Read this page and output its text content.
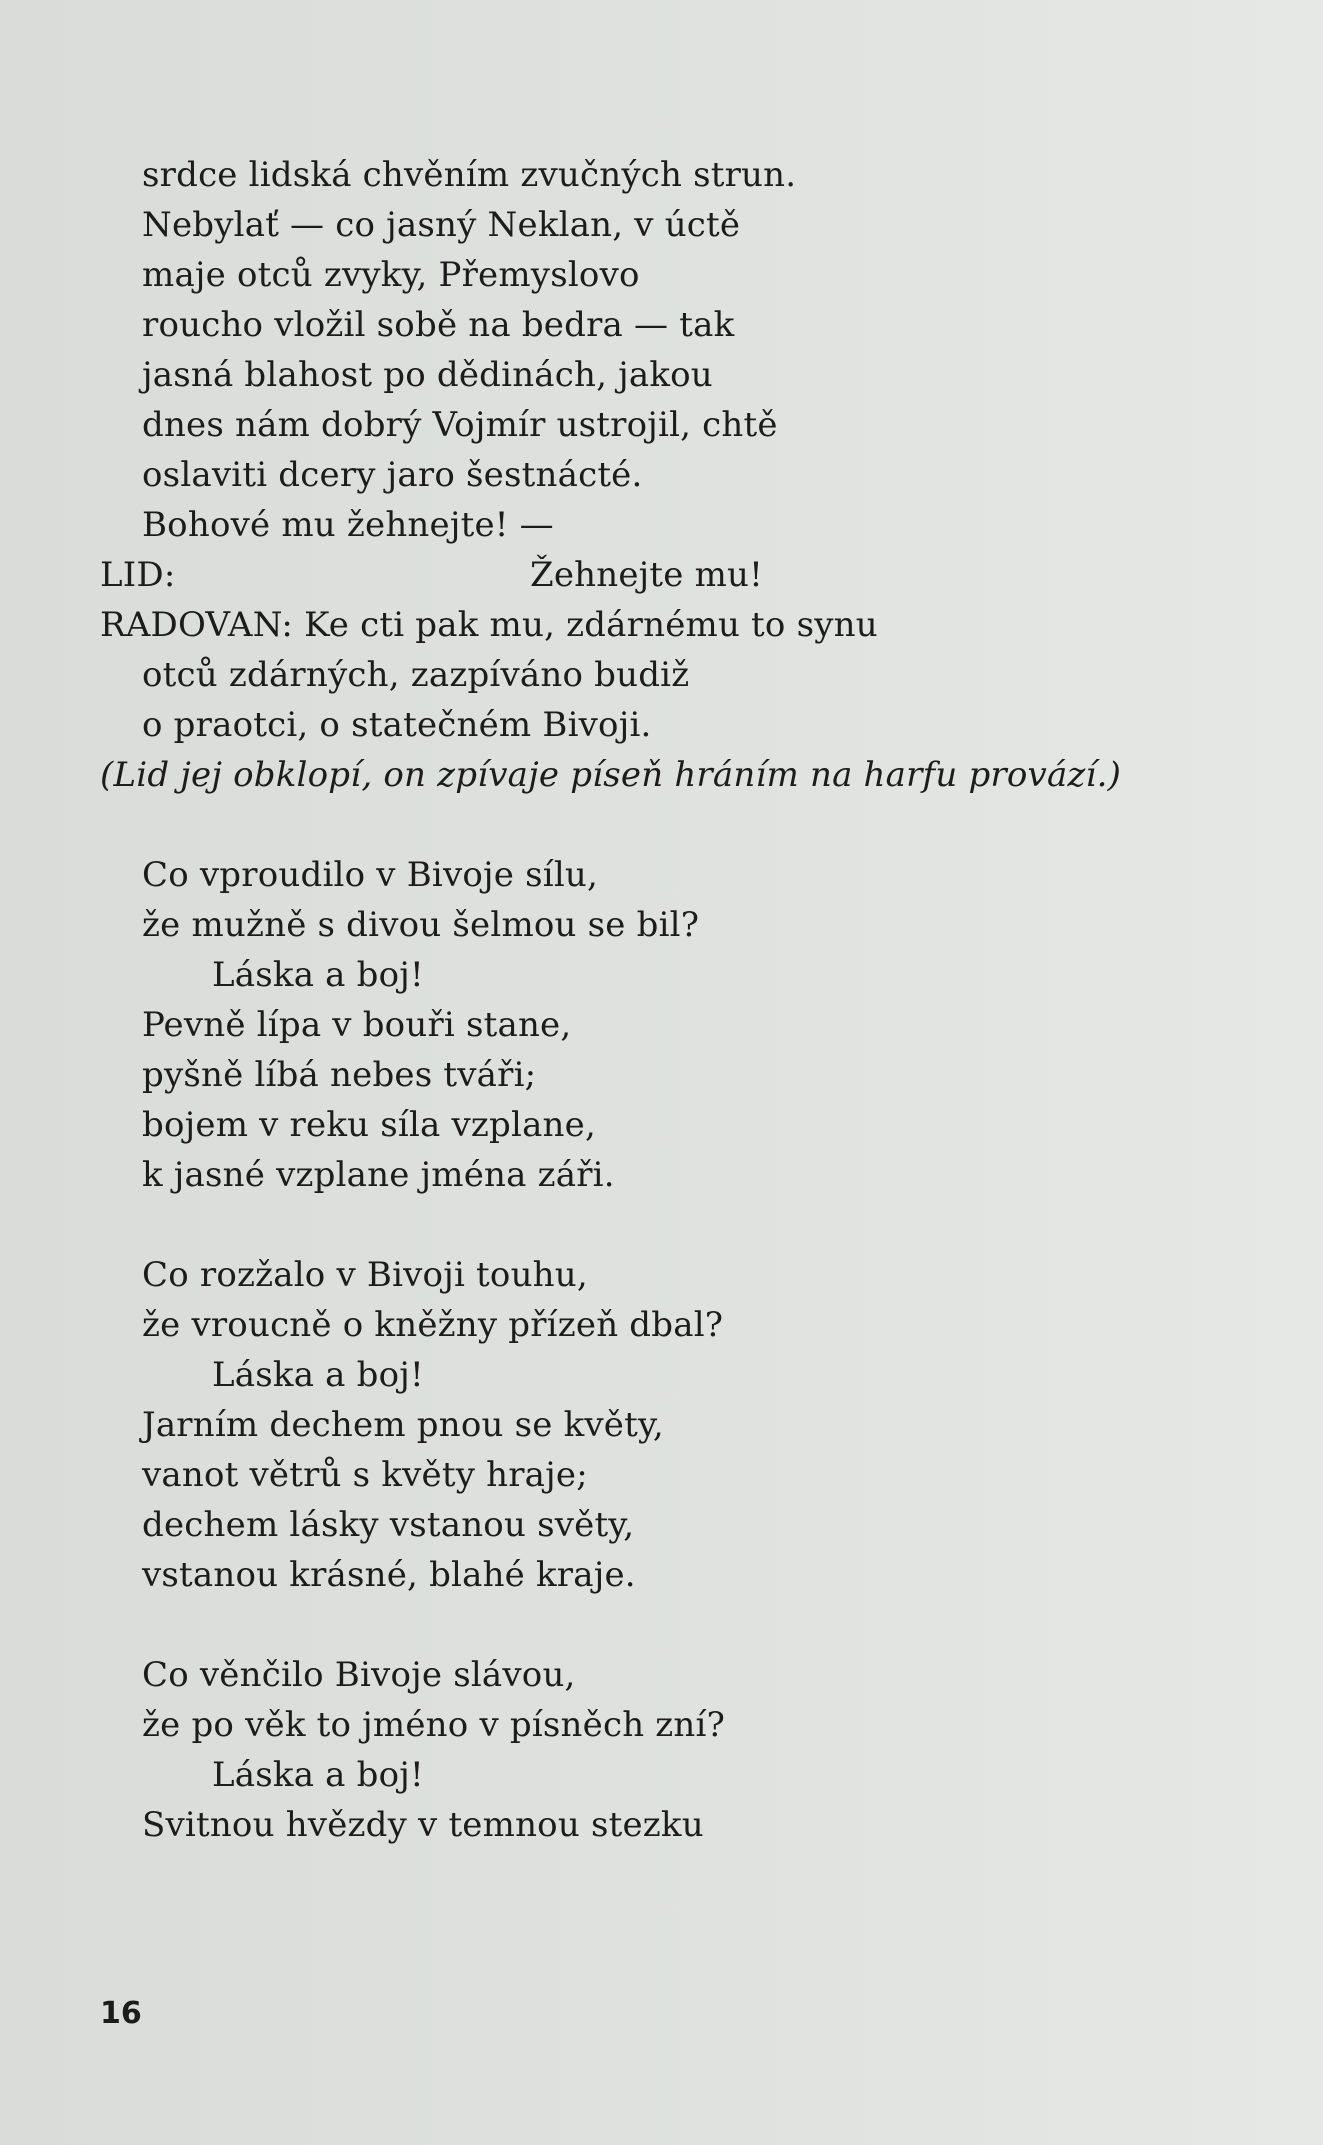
srdce lidská chvěním zvučných strun.

Nebylať — co jasný Neklan, v úctě

maje otců zvyky, Přemyslovo

roucho vložil sobě na bedra — tak

jasná blahost po dědinách, jakou

dnes nám dobrý Vojmír ustrojil, chtě

oslaviti dcery jaro šestnácté.

Bohové mu žehnejte! —

LID:	Žehnejte mu!

RADOVAN: Ke cti pak mu, zdárnému to synu

otců zdárných, zazpíváno budiž

o praotci, o statečném Bivoji.

(Lid jej obklopí, on zpívaje píseň hráním na harfu provází.)

Co vproudilo v Bivoje sílu,

že mužně s divou šelmou se bil?

Láska a boj!

Pevně lípa v bouři stane,

pyšně líbá nebes tváři;

bojem v reku síla vzplane,

k jasné vzplane jména záři.

Co rozžalo v Bivoji touhu,

že vroucně o kněžny přízeň dbal?

Láska a boj!

Jarním dechem pnou se květy,

vanot větrů s květy hraje;

dechem lásky vstanou světy,

vstanou krásné, blahé kraje.

Co věnčilo Bivoje slávou,

že po věk to jméno v písněch zní?

Láska a boj!

Svitnou hvězdy v temnou stezku

16
